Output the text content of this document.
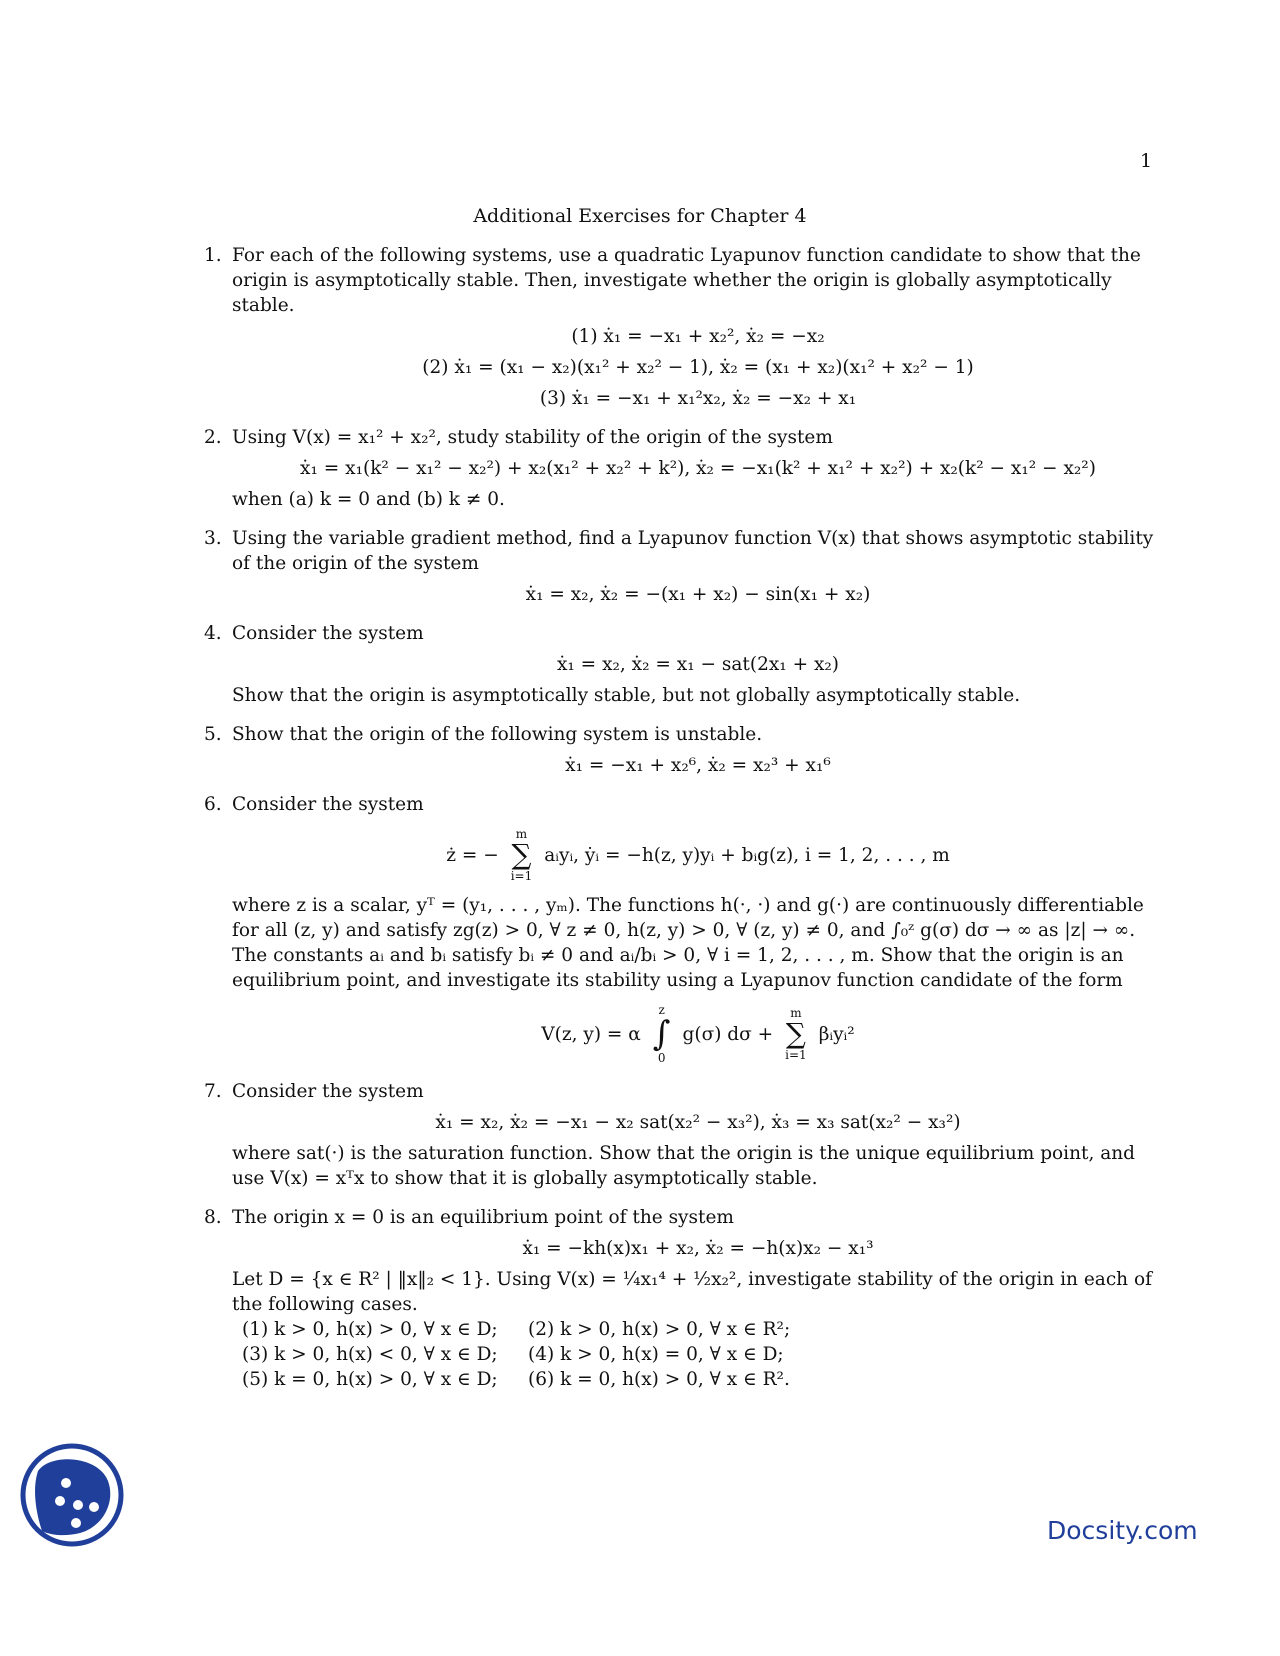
1
Additional Exercises for Chapter 4
1. For each of the following systems, use a quadratic Lyapunov function candidate to show that the origin is asymptotically stable. Then, investigate whether the origin is globally asymptotically stable.
(1) ẋ₁ = −x₁ + x₂², ẋ₂ = −x₂
(2) ẋ₁ = (x₁ − x₂)(x₁² + x₂² − 1), ẋ₂ = (x₁ + x₂)(x₁² + x₂² − 1)
(3) ẋ₁ = −x₁ + x₁²x₂, ẋ₂ = −x₂ + x₁
2. Using V(x) = x₁² + x₂², study stability of the origin of the system
ẋ₁ = x₁(k² − x₁² − x₂²) + x₂(x₁² + x₂² + k²), ẋ₂ = −x₁(k² + x₁² + x₂²) + x₂(k² − x₁² − x₂²)
when (a) k = 0 and (b) k ≠ 0.
3. Using the variable gradient method, find a Lyapunov function V(x) that shows asymptotic stability of the origin of the system
ẋ₁ = x₂, ẋ₂ = −(x₁ + x₂) − sin(x₁ + x₂)
4. Consider the system
ẋ₁ = x₂, ẋ₂ = x₁ − sat(2x₁ + x₂)
Show that the origin is asymptotically stable, but not globally asymptotically stable.
5. Show that the origin of the following system is unstable.
ẋ₁ = −x₁ + x₂⁶, ẋ₂ = x₂³ + x₁⁶
6. Consider the system
ż = −
m
∑
i=1
aᵢyᵢ, ẏᵢ = −h(z, y)yᵢ + bᵢg(z), i = 1, 2, . . . , m
where z is a scalar, yᵀ = (y₁, . . . , yₘ). The functions h(·, ·) and g(·) are continuously differentiable for all (z, y) and satisfy zg(z) > 0, ∀ z ≠ 0, h(z, y) > 0, ∀ (z, y) ≠ 0, and ∫₀ᶻ g(σ) dσ → ∞ as |z| → ∞. The constants aᵢ and bᵢ satisfy bᵢ ≠ 0 and aᵢ/bᵢ > 0, ∀ i = 1, 2, . . . , m. Show that the origin is an equilibrium point, and investigate its stability using a Lyapunov function candidate of the form
V(z, y) = α
z
∫
0
g(σ) dσ +
m
∑
i=1
βᵢyᵢ²
7. Consider the system
ẋ₁ = x₂, ẋ₂ = −x₁ − x₂ sat(x₂² − x₃²), ẋ₃ = x₃ sat(x₂² − x₃²)
where sat(·) is the saturation function. Show that the origin is the unique equilibrium point, and use V(x) = xᵀx to show that it is globally asymptotically stable.
8. The origin x = 0 is an equilibrium point of the system
ẋ₁ = −kh(x)x₁ + x₂, ẋ₂ = −h(x)x₂ − x₁³
Let D = {x ∈ R² | ‖x‖₂ < 1}. Using V(x) = ¼x₁⁴ + ½x₂², investigate stability of the origin in each of the following cases.
(1) k > 0, h(x) > 0, ∀ x ∈ D; (2) k > 0, h(x) > 0, ∀ x ∈ R²;
(3) k > 0, h(x) < 0, ∀ x ∈ D; (4) k > 0, h(x) = 0, ∀ x ∈ D;
(5) k = 0, h(x) > 0, ∀ x ∈ D; (6) k = 0, h(x) > 0, ∀ x ∈ R².
Docsity.com
